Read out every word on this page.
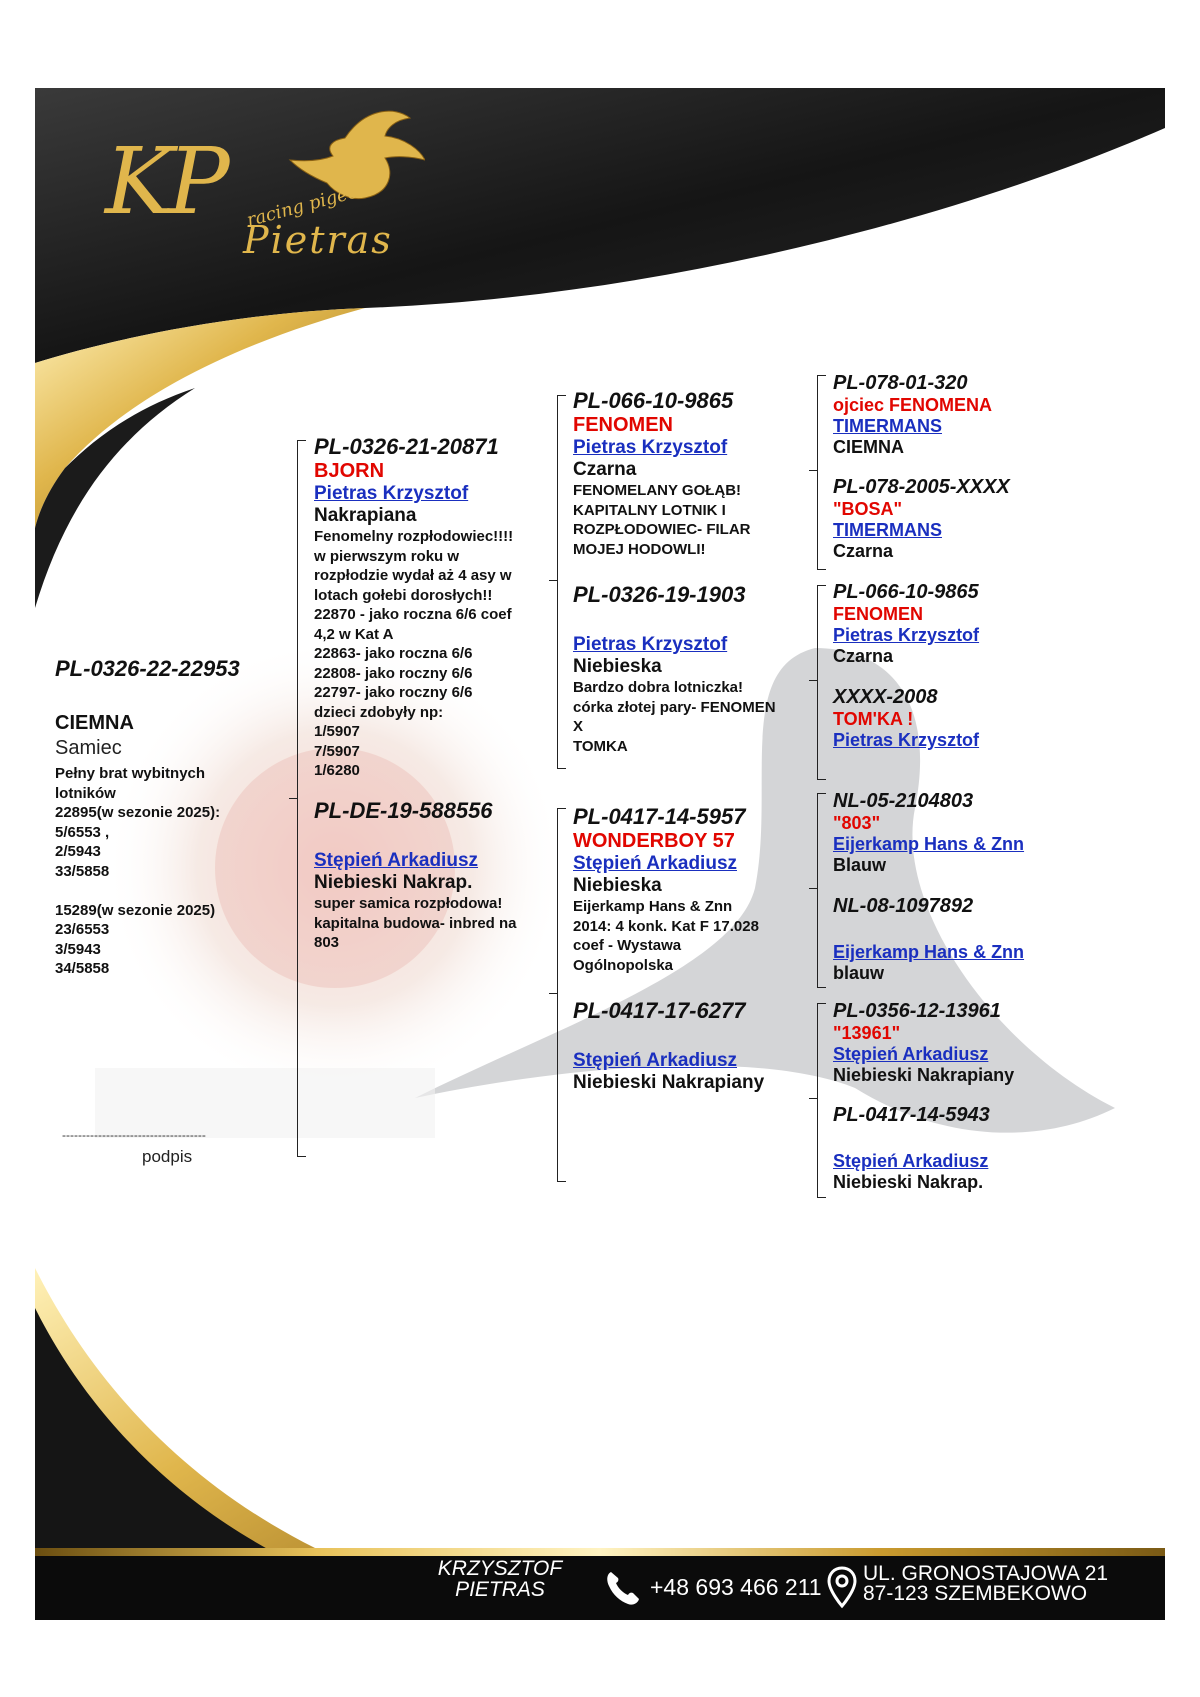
KP racing pigeons
Pietras
PL-0326-22-22953
CIEMNA
Samiec
Pełny brat wybitnych lotników
22895(w sezonie 2025):
5/6553 ,
2/5943
33/5858

15289(w sezonie 2025)
23/6553
3/5943
34/5858
------------------------------------
podpis
PL-0326-21-20871
BJORN
Pietras Krzysztof
Nakrapiana
Fenomelny rozpłodowiec!!!!
w pierwszym roku w
rozpłodzie wydał aż 4 asy w
lotach gołebi dorosłych!!
22870 - jako roczna 6/6 coef
4,2 w Kat A
22863- jako roczna 6/6
22808- jako roczny 6/6
22797- jako roczny 6/6
dzieci zdobyły np:
1/5907
7/5907
1/6280
PL-DE-19-588556
Stępień Arkadiusz
Niebieski Nakrap.
super samica rozpłodowa!
kapitalna budowa- inbred na
803
PL-066-10-9865
FENOMEN
Pietras Krzysztof
Czarna
FENOMELANY GOŁĄB!
KAPITALNY LOTNIK I
ROZPŁODOWIEC- FILAR
MOJEJ HODOWLI!
PL-0326-19-1903
Pietras Krzysztof
Niebieska
Bardzo dobra lotniczka!
córka złotej pary- FENOMEN
X
TOMKA
PL-0417-14-5957
WONDERBOY 57
Stępień Arkadiusz
Niebieska
Eijerkamp Hans & Znn
2014: 4 konk. Kat F 17.028
coef - Wystawa
Ogólnopolska
PL-0417-17-6277
Stępień Arkadiusz
Niebieski Nakrapiany
PL-078-01-320
ojciec FENOMENA
TIMERMANS
CIEMNA
PL-078-2005-XXXX
"BOSA"
TIMERMANS
Czarna
PL-066-10-9865
FENOMEN
Pietras Krzysztof
Czarna
XXXX-2008
TOM'KA !
Pietras Krzysztof
NL-05-2104803
"803"
Eijerkamp Hans & Znn
Blauw
NL-08-1097892
Eijerkamp Hans & Znn
blauw
PL-0356-12-13961
"13961"
Stępień Arkadiusz
Niebieski Nakrapiany
PL-0417-14-5943
Stępień Arkadiusz
Niebieski Nakrap.
KRZYSZTOF
PIETRAS	+48 693 466 211
UL. GRONOSTAJOWA 21
87-123 SZEMBEKOWO
